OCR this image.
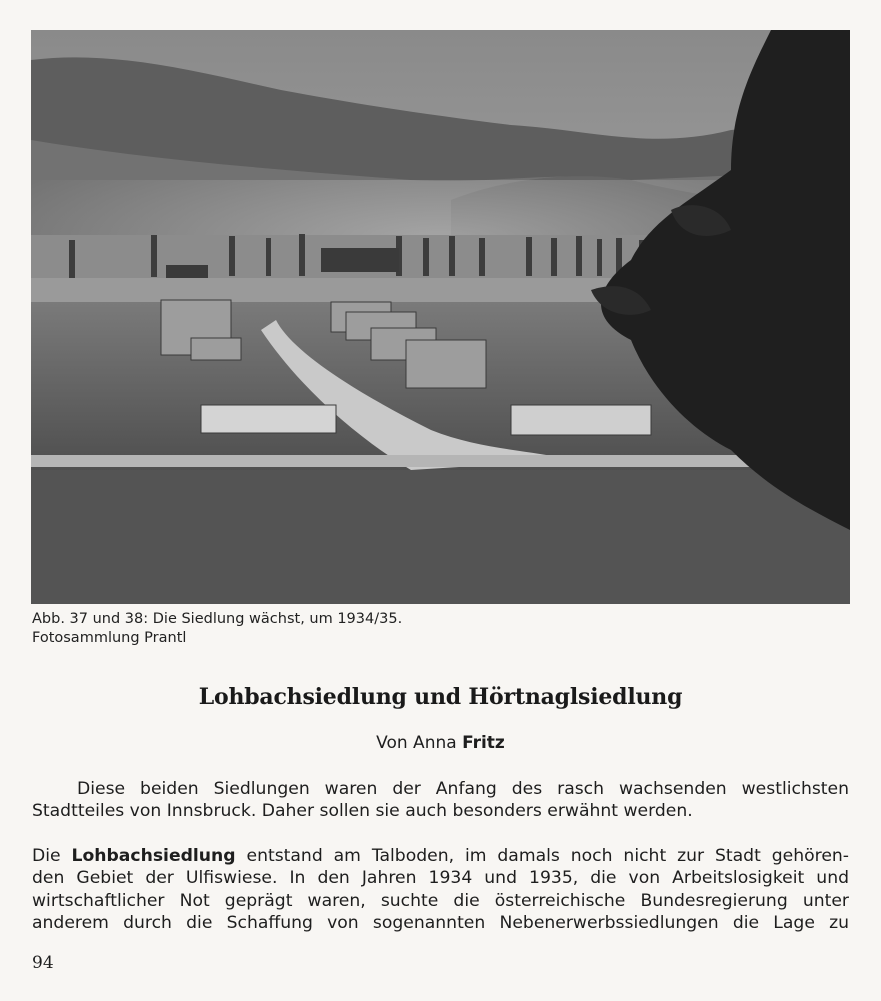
Abb. 37 und 38: Die Siedlung wächst, um 1934/35.
Fotosammlung Prantl
Lohbachsiedlung und Hörtnaglsiedlung
Von Anna Fritz
Diese beiden Siedlungen waren der Anfang des rasch wachsenden westlichsten
Stadtteiles von Innsbruck. Daher sollen sie auch besonders erwähnt werden.
Die Lohbachsiedlung entstand am Talboden, im damals noch nicht zur Stadt gehören-
den Gebiet der Ulfiswiese. In den Jahren 1934 und 1935, die von Arbeitslosigkeit und
wirtschaftlicher Not geprägt waren, suchte die österreichische Bundesregierung unter
anderem durch die Schaffung von sogenannten Nebenerwerbssiedlungen die Lage zu
94
